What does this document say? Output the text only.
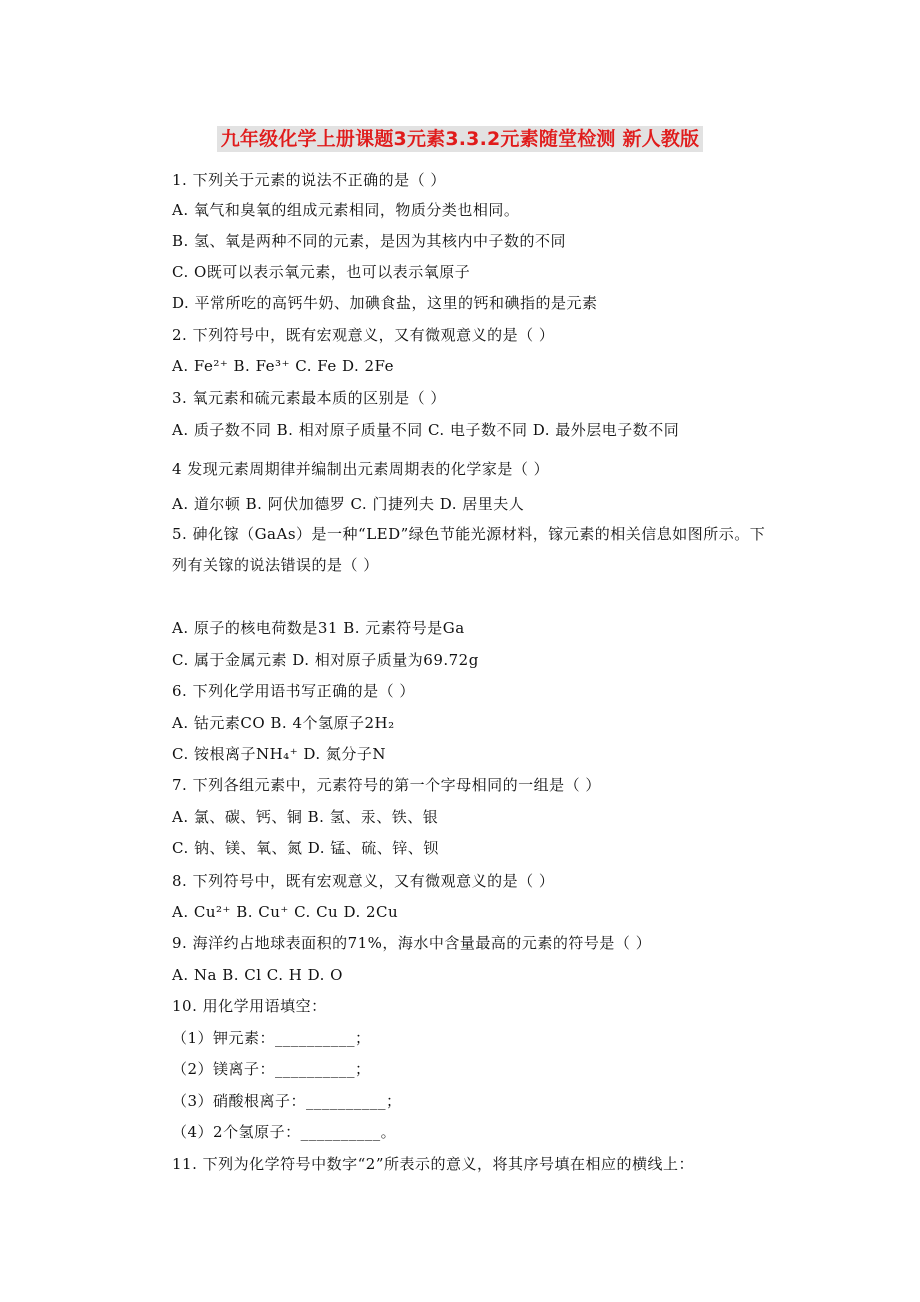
九年级化学上册课题3元素3.3.2元素随堂检测 新人教版
1. 下列关于元素的说法不正确的是（ ）
A. 氧气和臭氧的组成元素相同，物质分类也相同。
B. 氢、氧是两种不同的元素，是因为其核内中子数的不同
C. O既可以表示氧元素，也可以表示氧原子
D. 平常所吃的高钙牛奶、加碘食盐，这里的钙和碘指的是元素
2. 下列符号中，既有宏观意义，又有微观意义的是（ ）
A. Fe²⁺ B. Fe³⁺ C. Fe D. 2Fe
3. 氧元素和硫元素最本质的区别是（ ）
A. 质子数不同 B. 相对原子质量不同 C. 电子数不同 D. 最外层电子数不同
4 发现元素周期律并编制出元素周期表的化学家是（ ）
A. 道尔顿 B. 阿伏加德罗 C. 门捷列夫 D. 居里夫人
5. 砷化镓（GaAs）是一种“LED”绿色节能光源材料，镓元素的相关信息如图所示。下
列有关镓的说法错误的是（ ）
A. 原子的核电荷数是31 B. 元素符号是Ga
C. 属于金属元素 D. 相对原子质量为69.72g
6. 下列化学用语书写正确的是（ ）
A. 钴元素CO B. 4个氢原子2H₂
C. 铵根离子NH₄⁺ D. 氮分子N
7. 下列各组元素中，元素符号的第一个字母相同的一组是（ ）
A. 氯、碳、钙、铜 B. 氢、汞、铁、银
C. 钠、镁、氧、氮 D. 锰、硫、锌、钡
8. 下列符号中，既有宏观意义，又有微观意义的是（ ）
A. Cu²⁺ B. Cu⁺ C. Cu D. 2Cu
9. 海洋约占地球表面积的71%，海水中含量最高的元素的符号是（ ）
A. Na B. Cl C. H D. O
10. 用化学用语填空：
（1）钾元素：__________；
（2）镁离子：__________；
（3）硝酸根离子：__________；
（4）2个氢原子：__________。
11. 下列为化学符号中数字“2”所表示的意义，将其序号填在相应的横线上：
